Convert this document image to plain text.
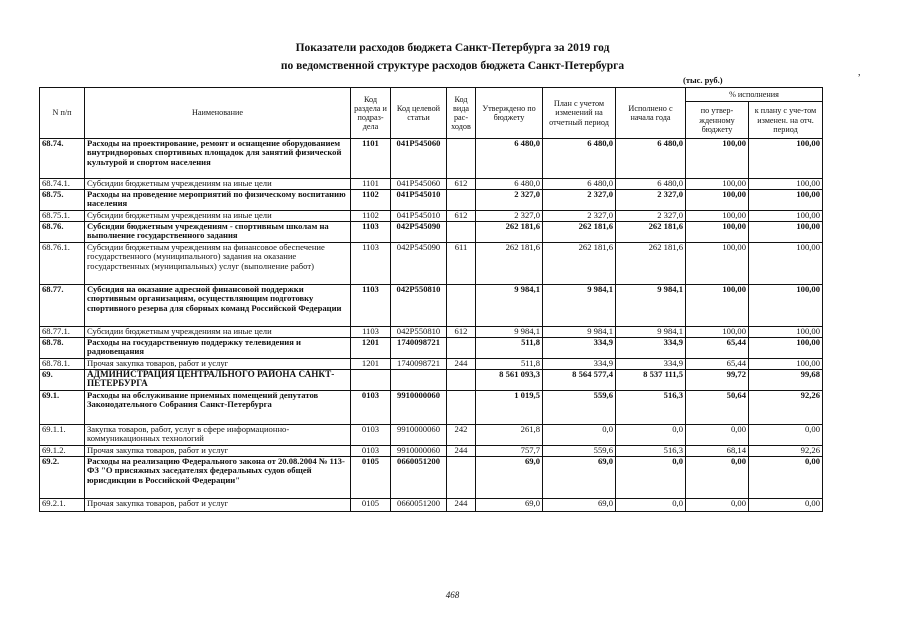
Показатели расходов бюджета Санкт-Петербурга за 2019 год
по ведомственной структуре расходов бюджета Санкт-Петербурга
,
(тыс. руб.)
N п/п	Наименование	Код раздела и подраз-дела	Код целевой статьи	Код вида рас-ходов	Утверждено по бюджету	План с учетом изменений на отчетный период	Исполнено с начала года	% исполнения	
								по утвер-жденному бюджету	к плану с уче-том изменен. на отч. период
68.74.	Расходы на проектирование, ремонт и оснащение оборудованием внутридворовых спортивных площадок для занятий физической культурой и спортом населения	1101	041Р545060		6 480,0	6 480,0	6 480,0	100,00	100,00
68.74.1.	Субсидии бюджетным учреждениям на иные цели	1101	041Р545060	612	6 480,0	6 480,0	6 480,0	100,00	100,00
68.75.	Расходы на проведение мероприятий по физическому воспитанию населения	1102	041Р545010		2 327,0	2 327,0	2 327,0	100,00	100,00
68.75.1.	Субсидии бюджетным учреждениям на иные цели	1102	041Р545010	612	2 327,0	2 327,0	2 327,0	100,00	100,00
68.76.	Субсидии бюджетным учреждениям - спортивным школам на выполнение государственного задания	1103	042Р545090		262 181,6	262 181,6	262 181,6	100,00	100,00
68.76.1.	Субсидии бюджетным учреждениям на финансовое обеспечение государственного (муниципального) задания на оказание государственных (муниципальных) услуг (выполнение работ)	1103	042Р545090	611	262 181,6	262 181,6	262 181,6	100,00	100,00
68.77.	Субсидия на оказание адресной финансовой поддержки спортивным организациям, осуществляющим подготовку спортивного резерва для сборных команд Российской Федерации	1103	042Р550810		9 984,1	9 984,1	9 984,1	100,00	100,00
68.77.1.	Субсидии бюджетным учреждениям на иные цели	1103	042Р550810	612	9 984,1	9 984,1	9 984,1	100,00	100,00
68.78.	Расходы на государственную поддержку телевидения и радиовещания	1201	1740098721		511,8	334,9	334,9	65,44	100,00
68.78.1.	Прочая закупка товаров, работ и услуг	1201	1740098721	244	511,8	334,9	334,9	65,44	100,00
69.	АДМИНИСТРАЦИЯ ЦЕНТРАЛЬНОГО РАЙОНА САНКТ-ПЕТЕРБУРГА				8 561 093,3	8 564 577,4	8 537 111,5	99,72	99,68
69.1.	Расходы на обслуживание приемных помещений депутатов Законодательного Собрания Санкт-Петербурга	0103	9910000060		1 019,5	559,6	516,3	50,64	92,26
69.1.1.	Закупка товаров, работ, услуг в сфере информационно-коммуникационных технологий	0103	9910000060	242	261,8	0,0	0,0	0,00	0,00
69.1.2.	Прочая закупка товаров, работ и услуг	0103	9910000060	244	757,7	559,6	516,3	68,14	92,26
69.2.	Расходы на реализацию Федерального закона от 20.08.2004 № 113-ФЗ "О присяжных заседателях федеральных судов общей юрисдикции в Российской Федерации"	0105	0660051200		69,0	69,0	0,0	0,00	0,00
69.2.1.	Прочая закупка товаров, работ и услуг	0105	0660051200	244	69,0	69,0	0,0	0,00	0,00
468
